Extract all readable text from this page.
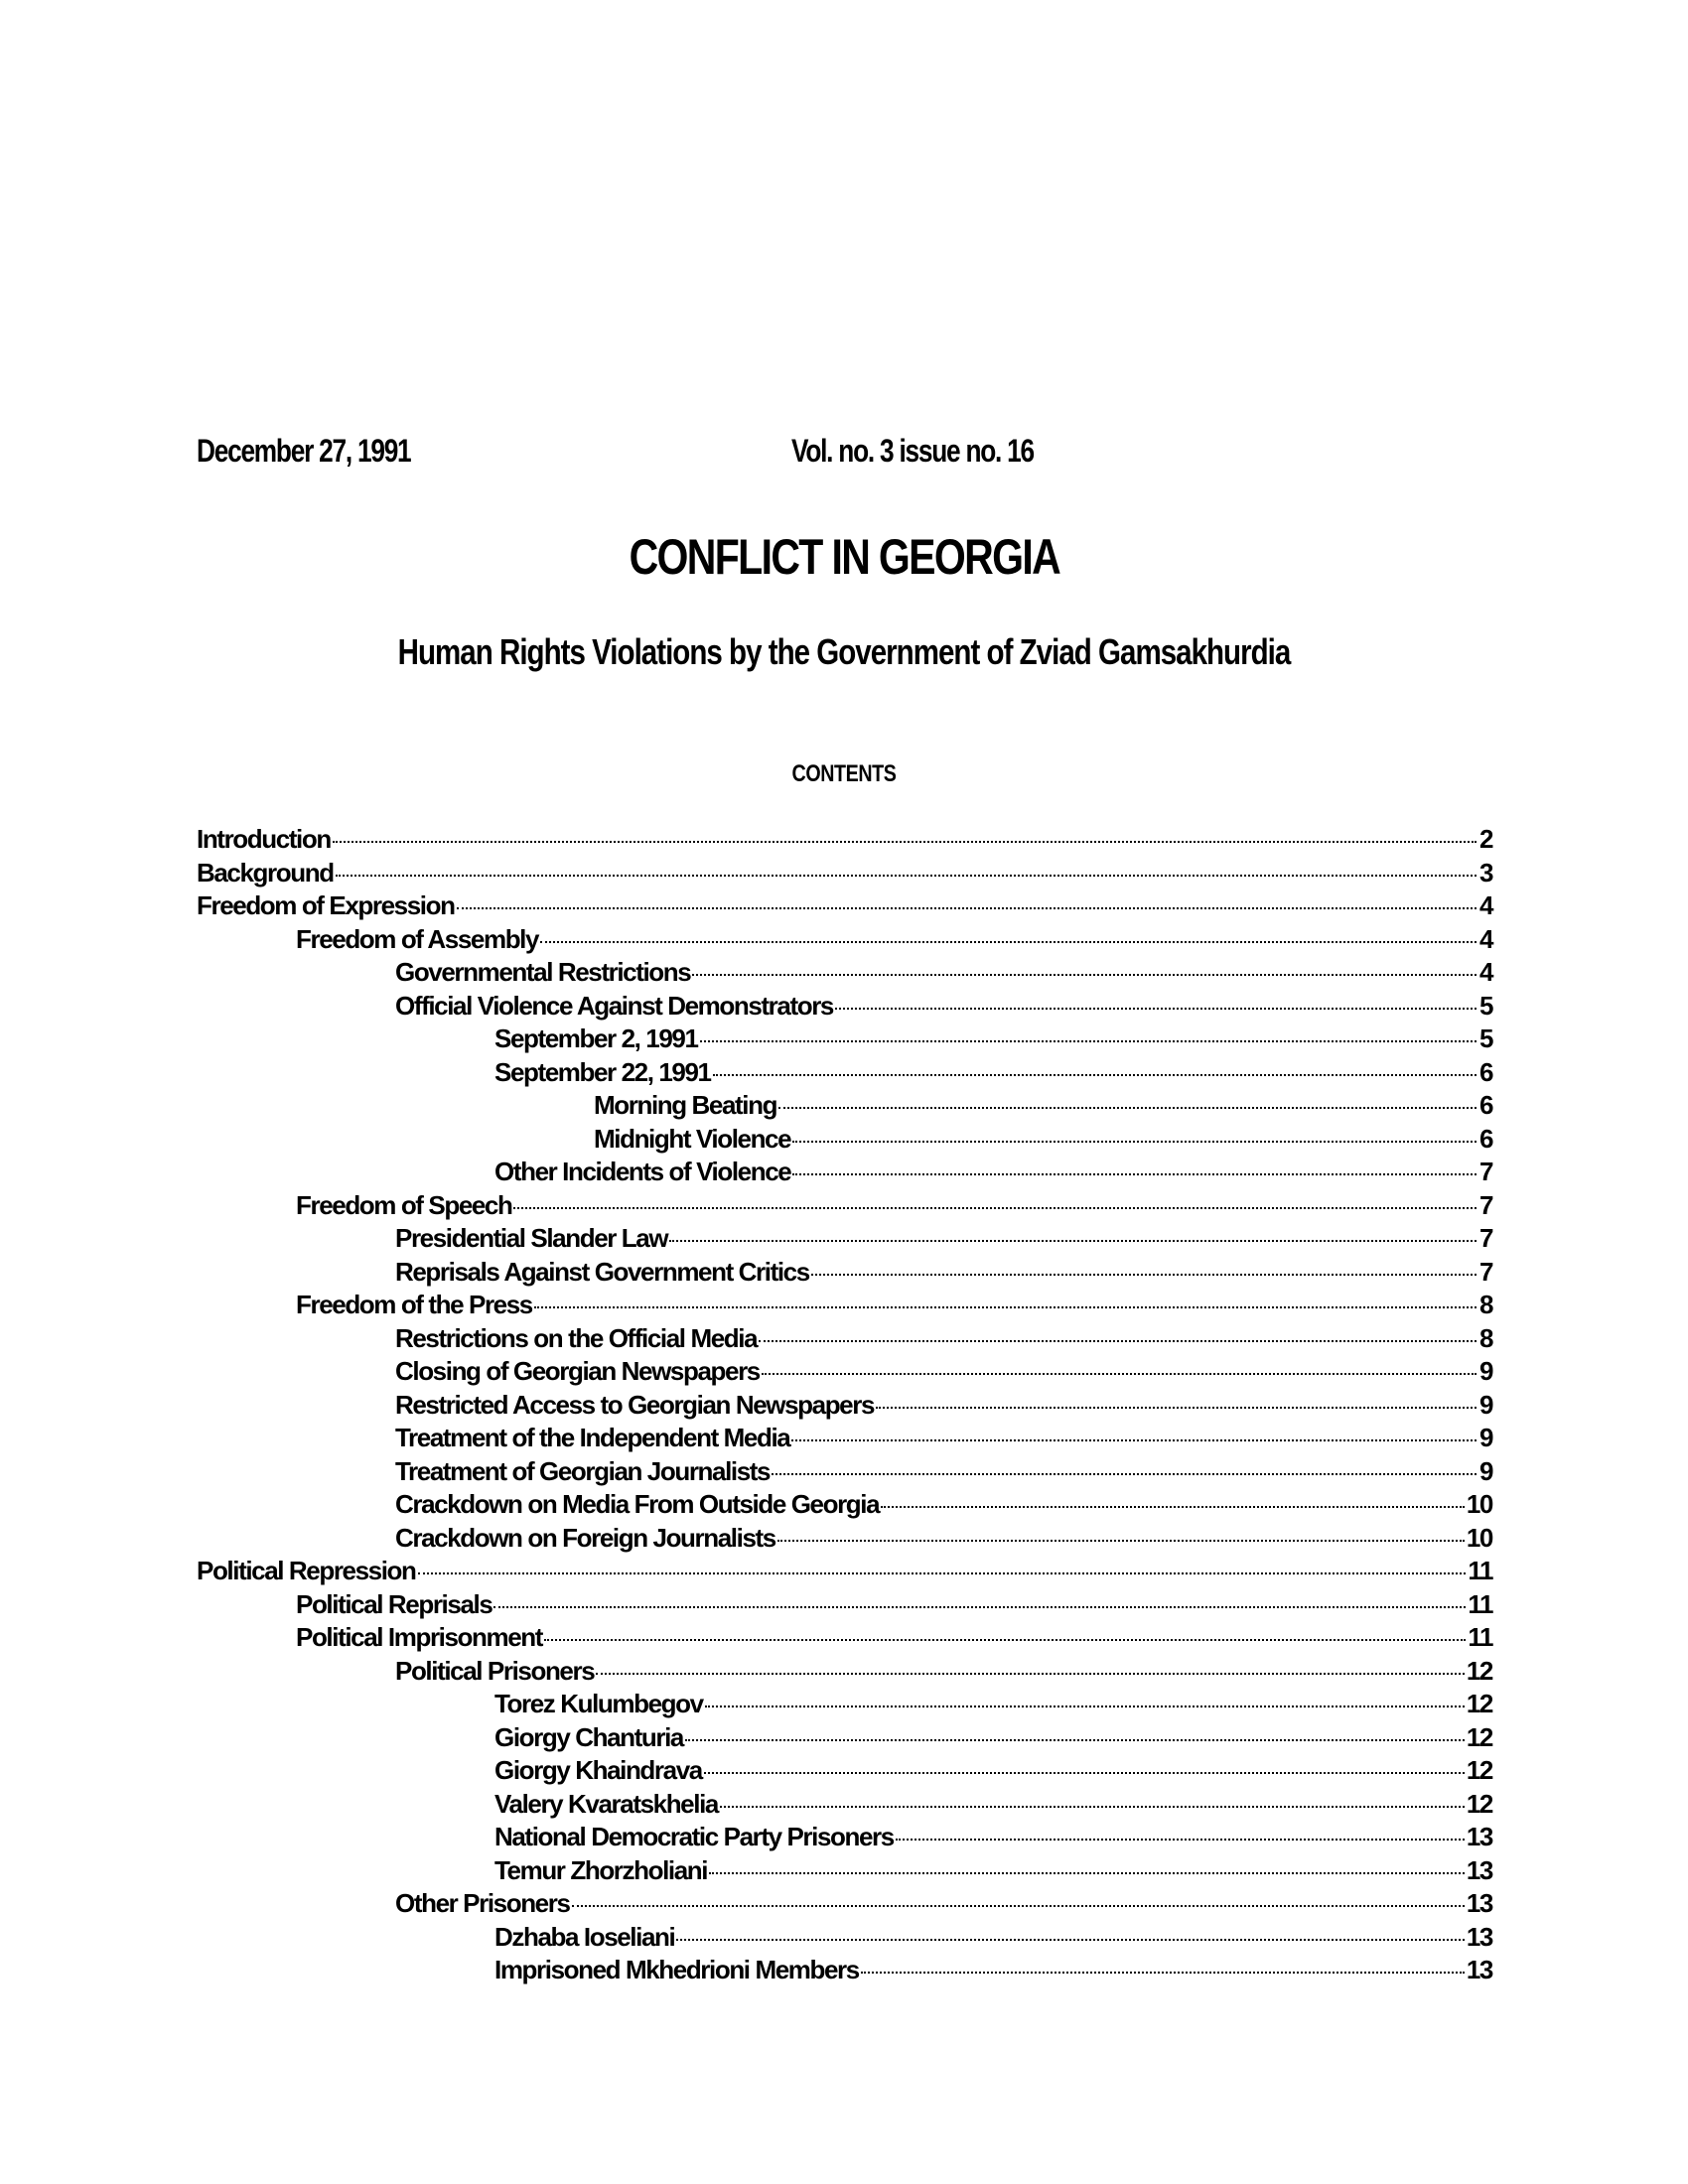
December 27, 1991	Vol. no. 3 issue no. 16
CONFLICT IN GEORGIA
Human Rights Violations by the Government of Zviad Gamsakhurdia
CONTENTS
Introduction	2
Background	3
Freedom of Expression	4
Freedom of Assembly	4
Governmental Restrictions	4
Official Violence Against Demonstrators	5
September 2, 1991	5
September 22, 1991	6
Morning Beating	6
Midnight Violence	6
Other Incidents of Violence	7
Freedom of Speech	7
Presidential Slander Law	7
Reprisals Against Government Critics	7
Freedom of the Press	8
Restrictions on the Official Media	8
Closing of Georgian Newspapers	9
Restricted Access to Georgian Newspapers	9
Treatment of the Independent Media	9
Treatment of Georgian Journalists	9
Crackdown on Media From Outside Georgia	10
Crackdown on Foreign Journalists	10
Political Repression	11
Political Reprisals	11
Political Imprisonment	11
Political Prisoners	12
Torez Kulumbegov	12
Giorgy Chanturia	12
Giorgy Khaindrava	12
Valery Kvaratskhelia	12
National Democratic Party Prisoners	13
Temur Zhorzholiani	13
Other Prisoners	13
Dzhaba Ioseliani	13
Imprisoned Mkhedrioni Members	13
